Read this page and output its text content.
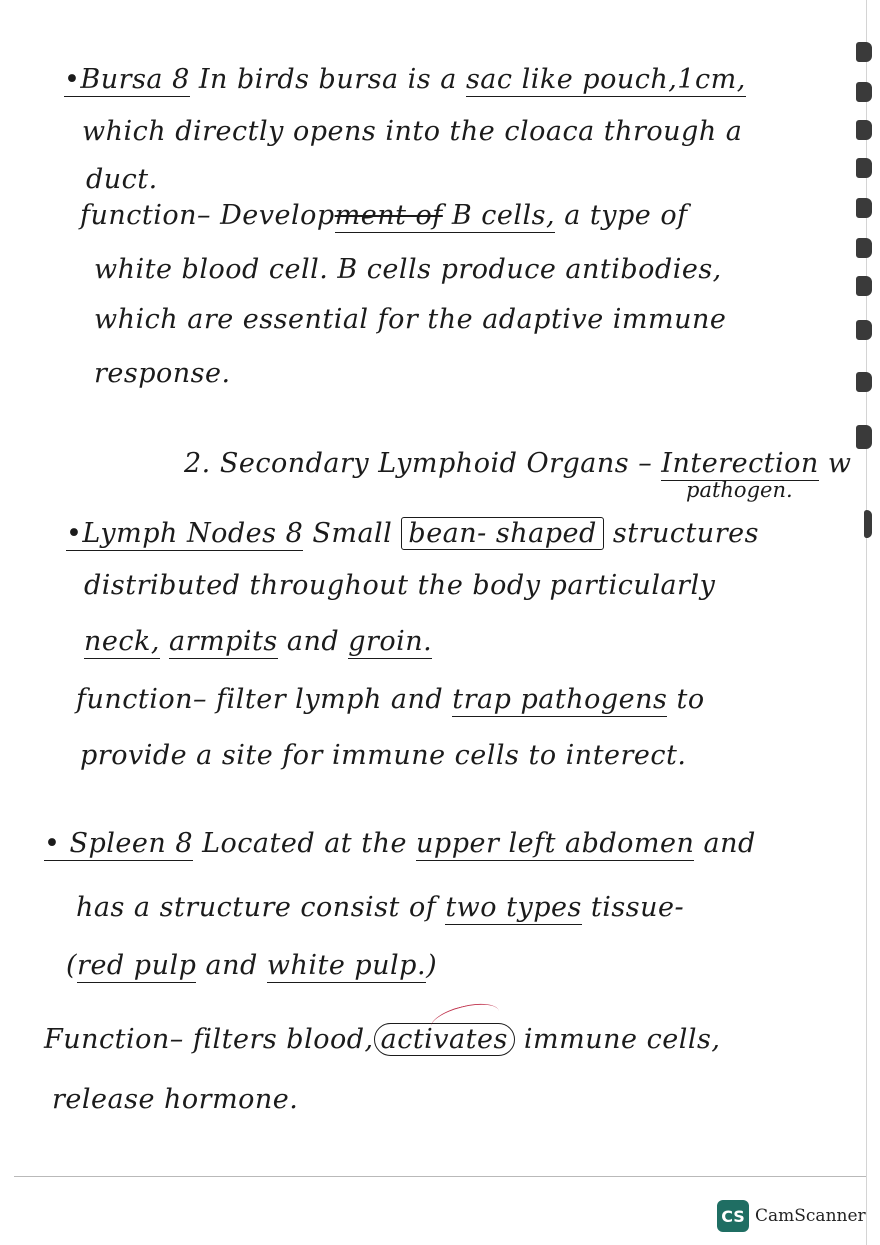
•Bursa 8 In birds bursa is a sac like pouch,1cm,
which directly opens into the cloaca through a
duct.
function– Development of B cells, a type of
white blood cell. B cells produce antibodies,
which are essential for the adaptive immune
response.
2. Secondary Lymphoid Organs – Interection w
pathogen.
•Lymph Nodes 8 Small bean- shaped structures
distributed throughout the body particularly
neck, armpits and groin.
function– filter lymph and trap pathogens to
provide a site for immune cells to interect.
• Spleen 8 Located at the upper left abdomen and
has a structure consist of two types tissue-
(red pulp and white pulp.)
Function– filters blood, activates immune cells,
release hormone.
CS CamScanner
